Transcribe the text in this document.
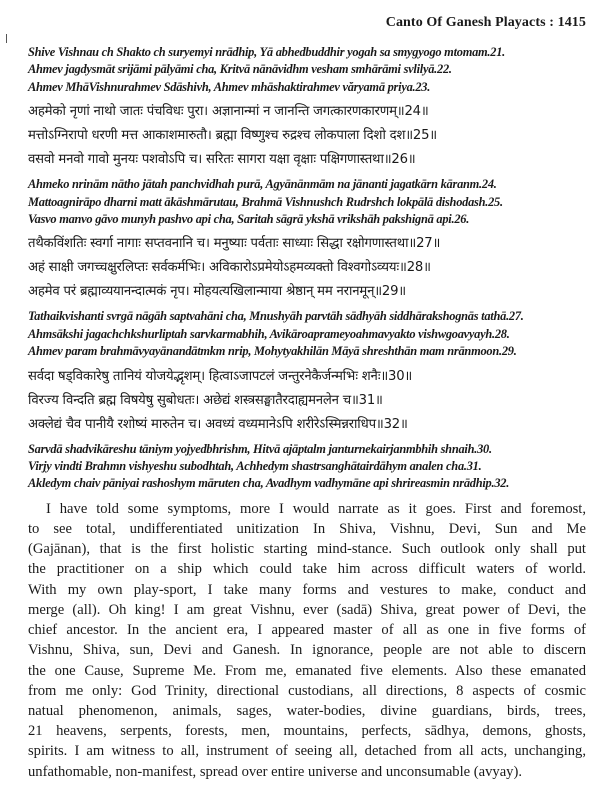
Canto Of Ganesh Playacts : 1415
Shive Vishnau ch Shakto ch suryemyi nrādhip, Yā abhedbuddhir yogah sa smygyogo mtomam.21.
Ahmev jagdysmāt srijāmi pālyāmi cha, Kritvā nānāvidhm vesham smhārāmi svlilyā.22.
Ahmev MhāVishnurahmev Sdāshivh, Ahmev mhāshaktirahmev văryamā priya.23.
अहमेको नृणां नाथो जातः पंचविधः पुरा। अज्ञानान्मां न जानन्ति जगत्कारणकारणम्॥24॥
मत्तोऽग्निरापो धरणी मत्त आकाशमारुतौ। ब्रह्मा विष्णुश्च रुद्रश्च लोकपाला दिशो दश॥25॥
वसवो मनवो गावो मुनयः पशवोऽपि च। सरितः सागरा यक्षा वृक्षाः पक्षिगणास्तथा॥26॥
Ahmeko nrinām nātho jātah panchvidhah purā, Agyānānmām na jānanti jagatkārn kāranm.24.
Mattoagnirāpo dharni matt ākāshmārutau, Brahmā Vishnushch Rudrshch lokpālā dishodash.25.
Vasvo manvo gāvo munyh pashvo api cha, Saritah sāgrā ykshā vrikshāh pakshignā api.26.
तथैकविंशतिः स्वर्गा नागाः सप्तवनानि च। मनुष्याः पर्वताः साध्याः सिद्धा रक्षोगणास्तथा॥27॥
अहं साक्षी जगच्चक्षुरलिप्तः सर्वकर्मभिः। अविकारोऽप्रमेयोऽहमव्यक्तो विश्वगोऽव्ययः॥28॥
अहमेव परं ब्रह्माव्ययानन्दात्मकं नृप। मोहयत्यखिलान्माया श्रेष्ठान् मम नरानमून्॥29॥
Tathaikvishanti svrgā nāgāh saptvahāni cha, Mnushyāh parvtāh sādhyāh siddhārakshognās tathā.27.
Ahmsākshi jagachchkshurliptah sarvkarmabhih, Avikāroaprameyoahmavyakto vishwgoavyayh.28.
Ahmev param brahmāvyayānandātmkm nrip, Mohytyakhilān Māyā shreshthān mam nrānmoon.29.
सर्वदा षड्विकारेषु तानियं योजयेद्भृशम्। हित्वाऽजापटलं जन्तुरनेकैर्जन्मभिः शनैः॥30॥
विरज्य विन्दति ब्रह्म विषयेषु सुबोधतः। अछेद्यं शस्त्रसङ्घातैरदाह्यमनलेन च॥31॥
अक्लेद्यं चैव पानीयै रशोष्यं मारुतेन च। अवध्यं वध्यमानेऽपि शरीरेऽस्मिन्नराधिप॥32॥
Sarvdā shadvikāreshu tāniym yojyedbhrishm, Hitvā ajāptalm janturnekairjanmbhih shnaih.30.
Virjy vindti Brahmn vishyeshu subodhtah, Achhedym shastrsanghātairdāhym analen cha.31.
Akledym chaiv pāniyai rashoshym māruten cha, Avadhym vadhymāne api shrireasmin nrādhip.32.
I have told some symptoms, more I would narrate as it goes. First and foremost,
to see total, undifferentiated unitization In Shiva, Vishnu, Devi, Sun and Me
(Gajānan), that is the first holistic starting mind-stance. Such outlook only shall put
the practitioner on a ship which could take him across difficult waters of world.
With my own play-sport, I take many forms and vestures to make, conduct and
merge (all). Oh king! I am great Vishnu, ever (sadā) Shiva, great power of Devi, the
chief ancestor. In the ancient era, I appeared master of all as one in five forms of
Vishnu, Shiva, sun, Devi and Ganesh. In ignorance, people are not able to discern
the one Cause, Supreme Me. From me, emanated five elements. Also these emanated
from me only: God Trinity, directional custodians, all directions, 8 aspects of cosmic
natual phenomenon, animals, sages, water-bodies, divine guardians, birds, trees,
21 heavens, serpents, forests, men, mountains, perfects, sādhya, demons, ghosts,
spirits. I am witness to all, instrument of seeing all, detached from all acts, unchanging,
unfathomable, non-manifest, spread over entire universe and unconsumable (avyay).
